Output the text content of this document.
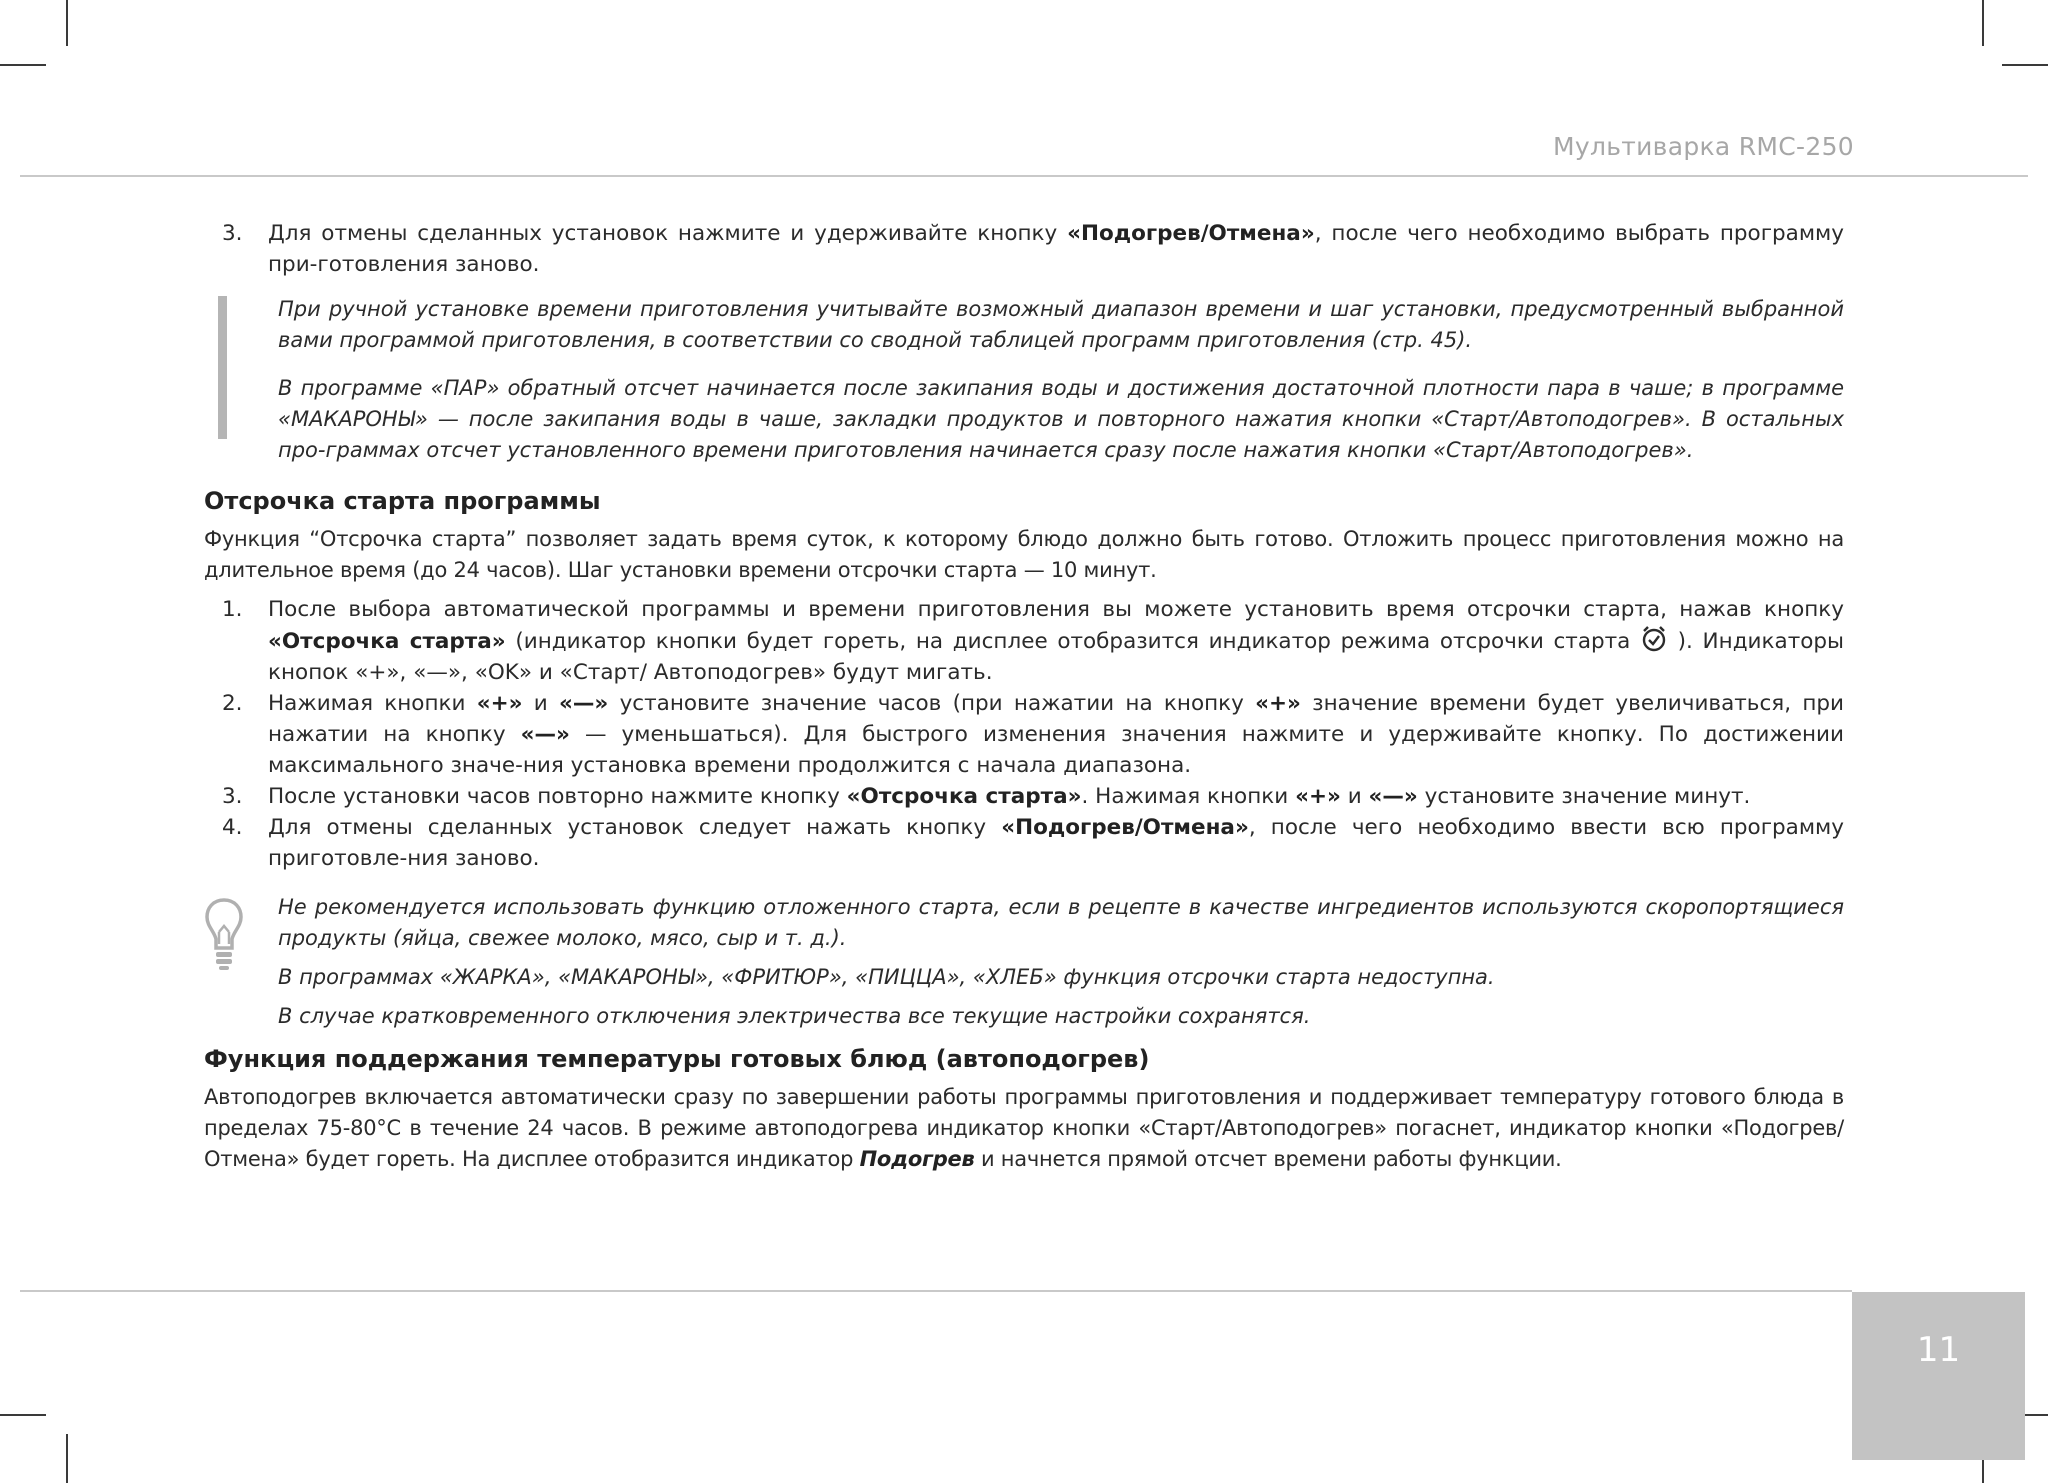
Мультиварка RMC-250
3. Для отмены сделанных установок нажмите и удерживайте кнопку «Подогрев/Отмена», после чего необходимо выбрать программу при-готовления заново.

При ручной установке времени приготовления учитывайте возможный диапазон времени и шаг установки, предусмотренный выбранной вами программой приготовления, в соответствии со сводной таблицей программ приготовления (стр. 45).

В программе «ПАР» обратный отсчет начинается после закипания воды и достижения достаточной плотности пара в чаше; в программе «МАКАРОНЫ» — после закипания воды в чаше, закладки продуктов и повторного нажатия кнопки «Старт/Автоподогрев». В остальных про-граммах отсчет установленного времени приготовления начинается сразу после нажатия кнопки «Старт/Автоподогрев».

Отсрочка старта программы

Функция “Отсрочка старта” позволяет задать время суток, к которому блюдо должно быть готово. Отложить процесс приготовления можно на длительное время (до 24 часов). Шаг установки времени отсрочки старта — 10 минут.

1. После выбора автоматической программы и времени приготовления вы можете установить время отсрочки старта, нажав кнопку «Отсрочка старта» (индикатор кнопки будет гореть, на дисплее отобразится индикатор режима отсрочки старта  ). Индикаторы кнопок «+», «—», «OK» и «Старт/ Автоподогрев» будут мигать.
2. Нажимая кнопки «+» и «—» установите значение часов (при нажатии на кнопку «+» значение времени будет увеличиваться, при нажатии на кнопку «—» — уменьшаться). Для быстрого изменения значения нажмите и удерживайте кнопку. По достижении максимального значе-ния установка времени продолжится с начала диапазона.
3. После установки часов повторно нажмите кнопку «Отсрочка старта». Нажимая кнопки «+» и «—» установите значение минут.
4. Для отмены сделанных установок следует нажать кнопку «Подогрев/Отмена», после чего необходимо ввести всю программу приготовле-ния заново.

Не рекомендуется использовать функцию отложенного старта, если в рецепте в качестве ингредиентов используются скоропортящиеся продукты (яйца, свежее молоко, мясо, сыр и т. д.).

В программах «ЖАРКА», «МАКАРОНЫ», «ФРИТЮР», «ПИЦЦА», «ХЛЕБ» функция отсрочки старта недоступна.

В случае кратковременного отключения электричества все текущие настройки сохранятся.

Функция поддержания температуры готовых блюд (автоподогрев)

Автоподогрев включается автоматически сразу по завершении работы программы приготовления и поддерживает температуру готового блюда в пределах 75-80°С в течение 24 часов. В режиме автоподогрева индикатор кнопки «Старт/Автоподогрев» погаснет, индикатор кнопки «Подогрев/Отмена» будет гореть. На дисплее отобразится индикатор Подогрев и начнется прямой отсчет времени работы функции.

11
